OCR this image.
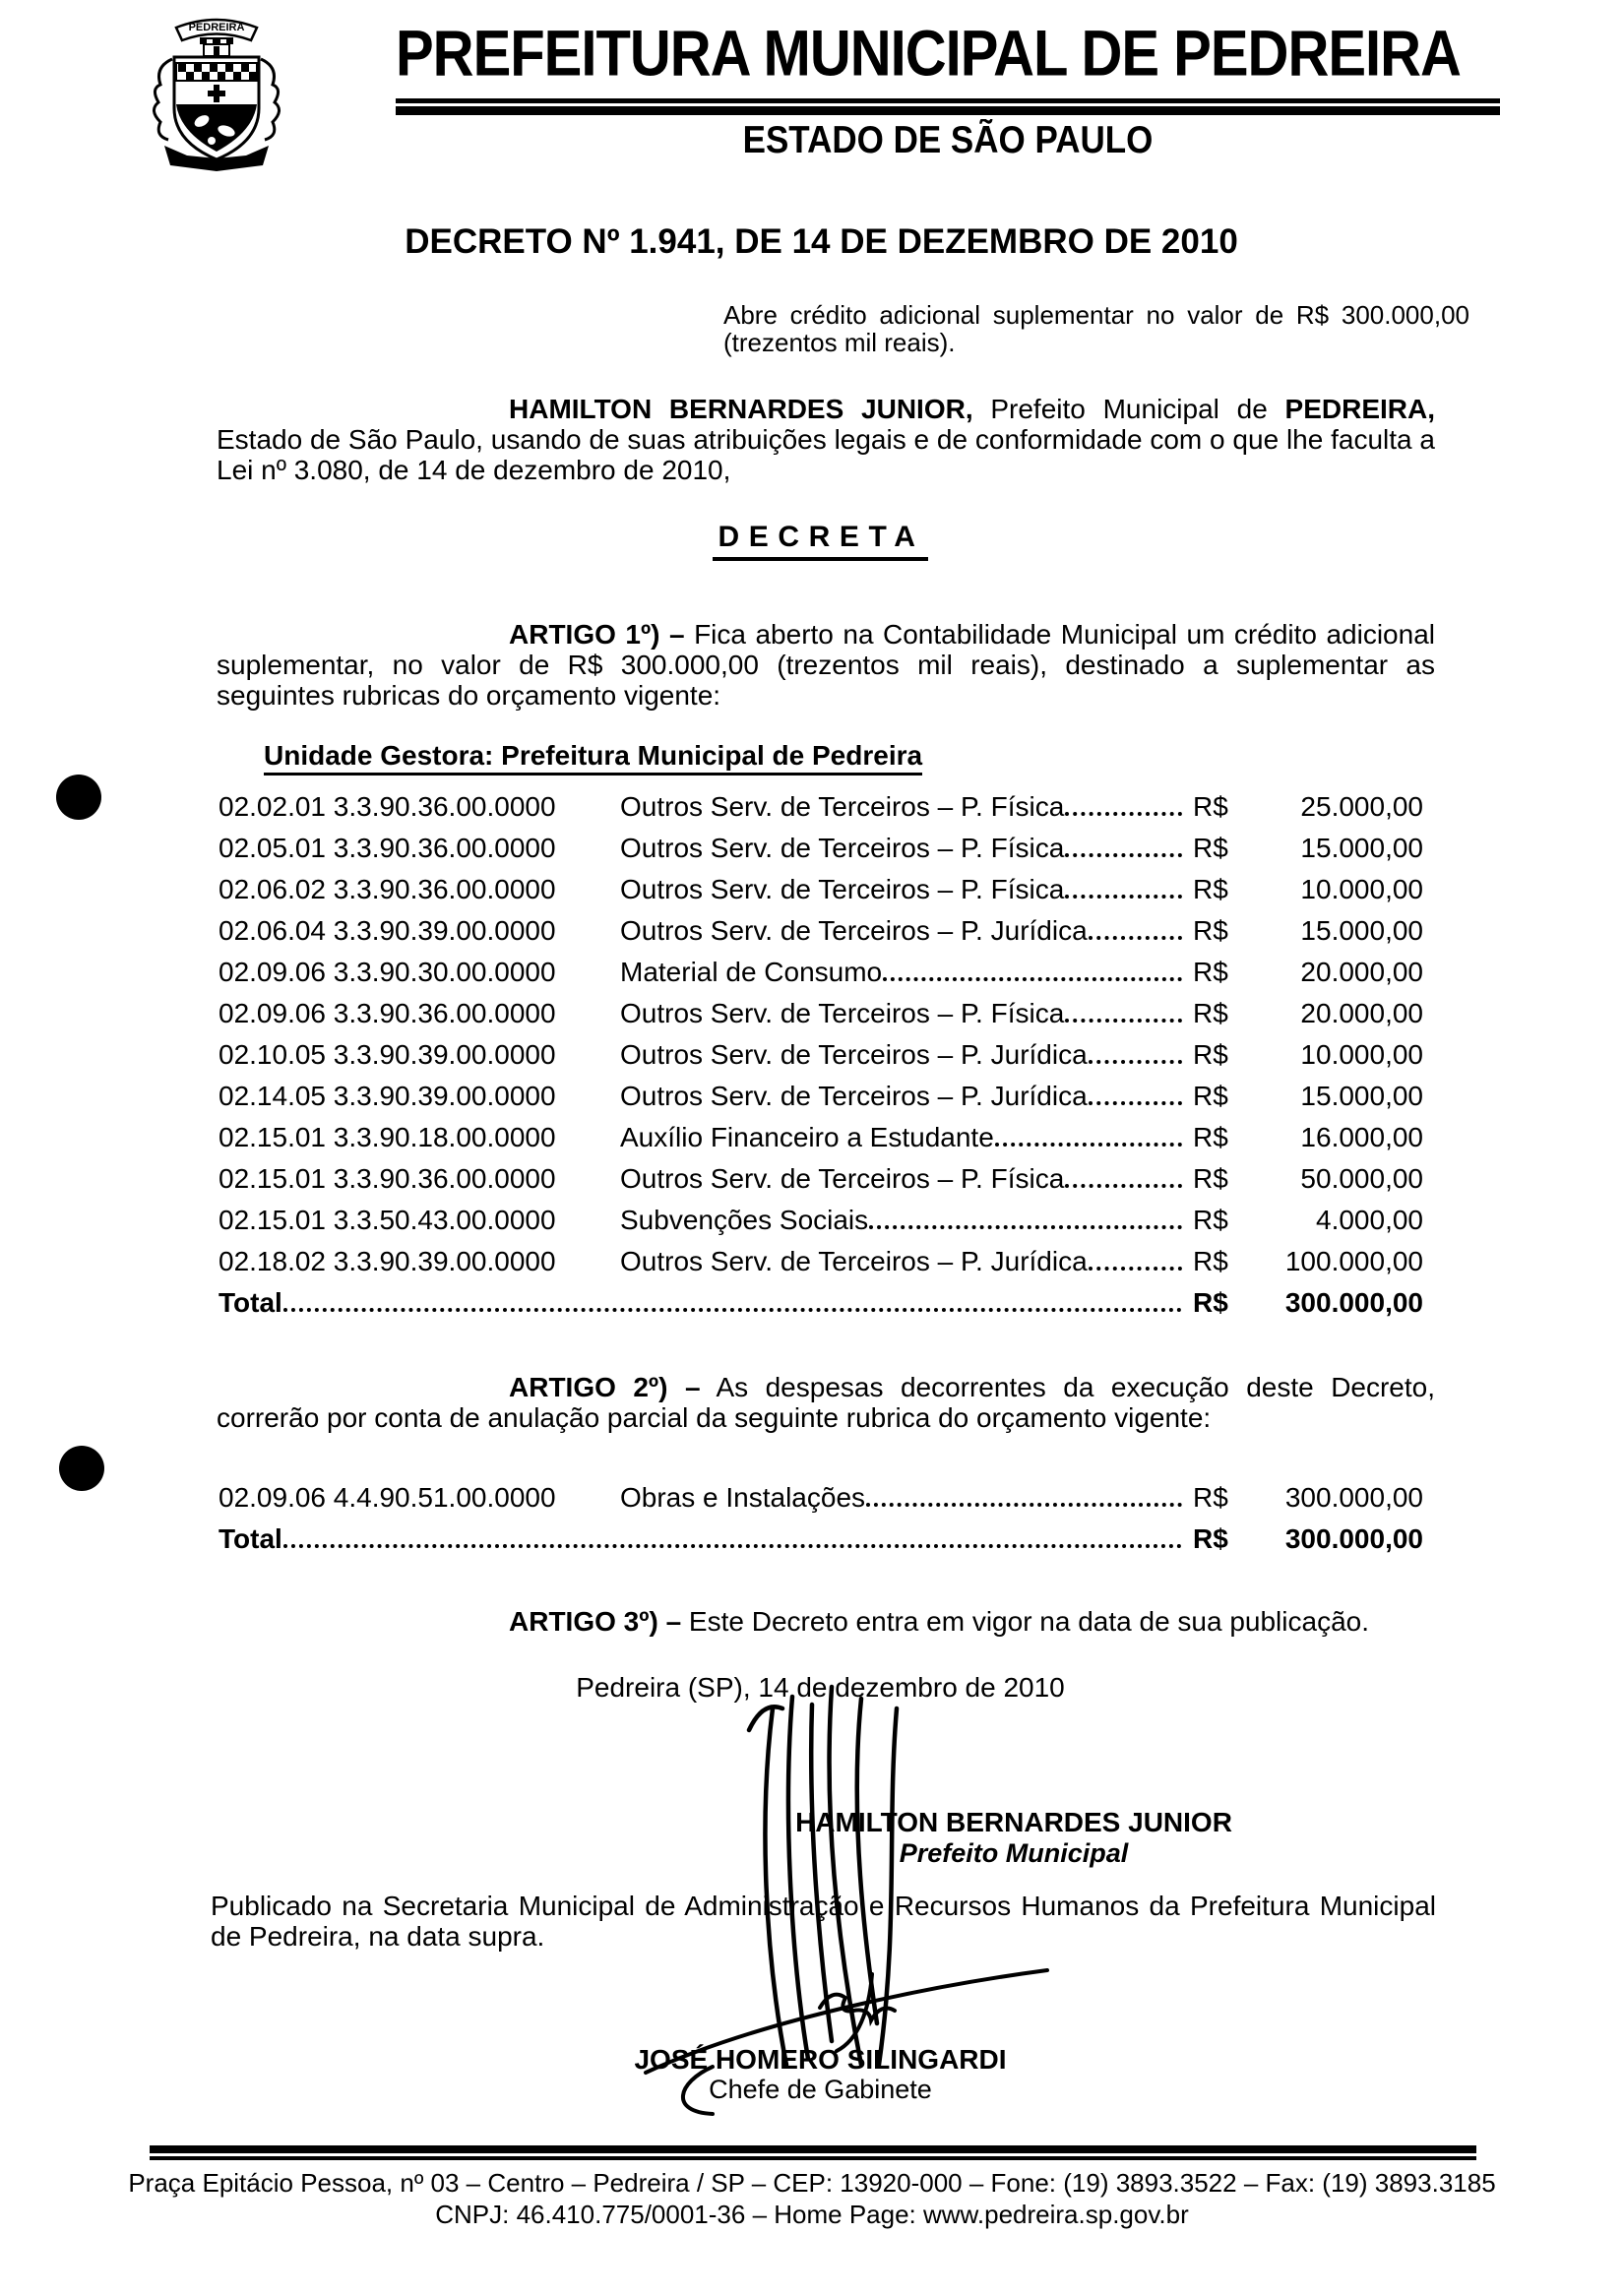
PEDREIRA	PREFEITURA MUNICIPAL DE PEDREIRA
ESTADO DE SÃO PAULO
DECRETO Nº 1.941, DE 14 DE DEZEMBRO DE 2010
Abre crédito adicional suplementar no valor de R$ 300.000,00 (trezentos mil reais).
HAMILTON BERNARDES JUNIOR, Prefeito Municipal de PEDREIRA, Estado de São Paulo, usando de suas atribuições legais e de conformidade com o que lhe faculta a Lei nº 3.080, de 14 de dezembro de 2010,
DECRETA
ARTIGO 1º) – Fica aberto na Contabilidade Municipal um crédito adicional suplementar, no valor de R$ 300.000,00 (trezentos mil reais), destinado a suplementar as seguintes rubricas do orçamento vigente:
Unidade Gestora: Prefeitura Municipal de Pedreira
02.02.01 3.3.90.36.00.0000	Outros Serv. de Terceiros – P. Física	R$	25.000,00
02.05.01 3.3.90.36.00.0000	Outros Serv. de Terceiros – P. Física	R$	15.000,00
02.06.02 3.3.90.36.00.0000	Outros Serv. de Terceiros – P. Física	R$	10.000,00
02.06.04 3.3.90.39.00.0000	Outros Serv. de Terceiros – P. Jurídica	R$	15.000,00
02.09.06 3.3.90.30.00.0000	Material de Consumo	R$	20.000,00
02.09.06 3.3.90.36.00.0000	Outros Serv. de Terceiros – P. Física	R$	20.000,00
02.10.05 3.3.90.39.00.0000	Outros Serv. de Terceiros – P. Jurídica	R$	10.000,00
02.14.05 3.3.90.39.00.0000	Outros Serv. de Terceiros – P. Jurídica	R$	15.000,00
02.15.01 3.3.90.18.00.0000	Auxílio Financeiro a Estudante	R$	16.000,00
02.15.01 3.3.90.36.00.0000	Outros Serv. de Terceiros – P. Física	R$	50.000,00
02.15.01 3.3.50.43.00.0000	Subvenções Sociais	R$	4.000,00
02.18.02 3.3.90.39.00.0000	Outros Serv. de Terceiros – P. Jurídica	R$	100.000,00
Total	R$	300.000,00
ARTIGO 2º) – As despesas decorrentes da execução deste Decreto, correrão por conta de anulação parcial da seguinte rubrica do orçamento vigente:
02.09.06 4.4.90.51.00.0000	Obras e Instalações	R$	300.000,00
Total	R$	300.000,00
ARTIGO 3º) – Este Decreto entra em vigor na data de sua publicação.
Pedreira (SP), 14 de dezembro de 2010
HAMILTON BERNARDES JUNIOR
Prefeito Municipal
Publicado na Secretaria Municipal de Administração e Recursos Humanos da Prefeitura Municipal de Pedreira, na data supra.
JOSÉ HOMERO SILINGARDI
Chefe de Gabinete
Praça Epitácio Pessoa, nº 03 – Centro – Pedreira / SP – CEP: 13920-000 – Fone: (19) 3893.3522 – Fax: (19) 3893.3185
CNPJ: 46.410.775/0001-36 – Home Page: www.pedreira.sp.gov.br
